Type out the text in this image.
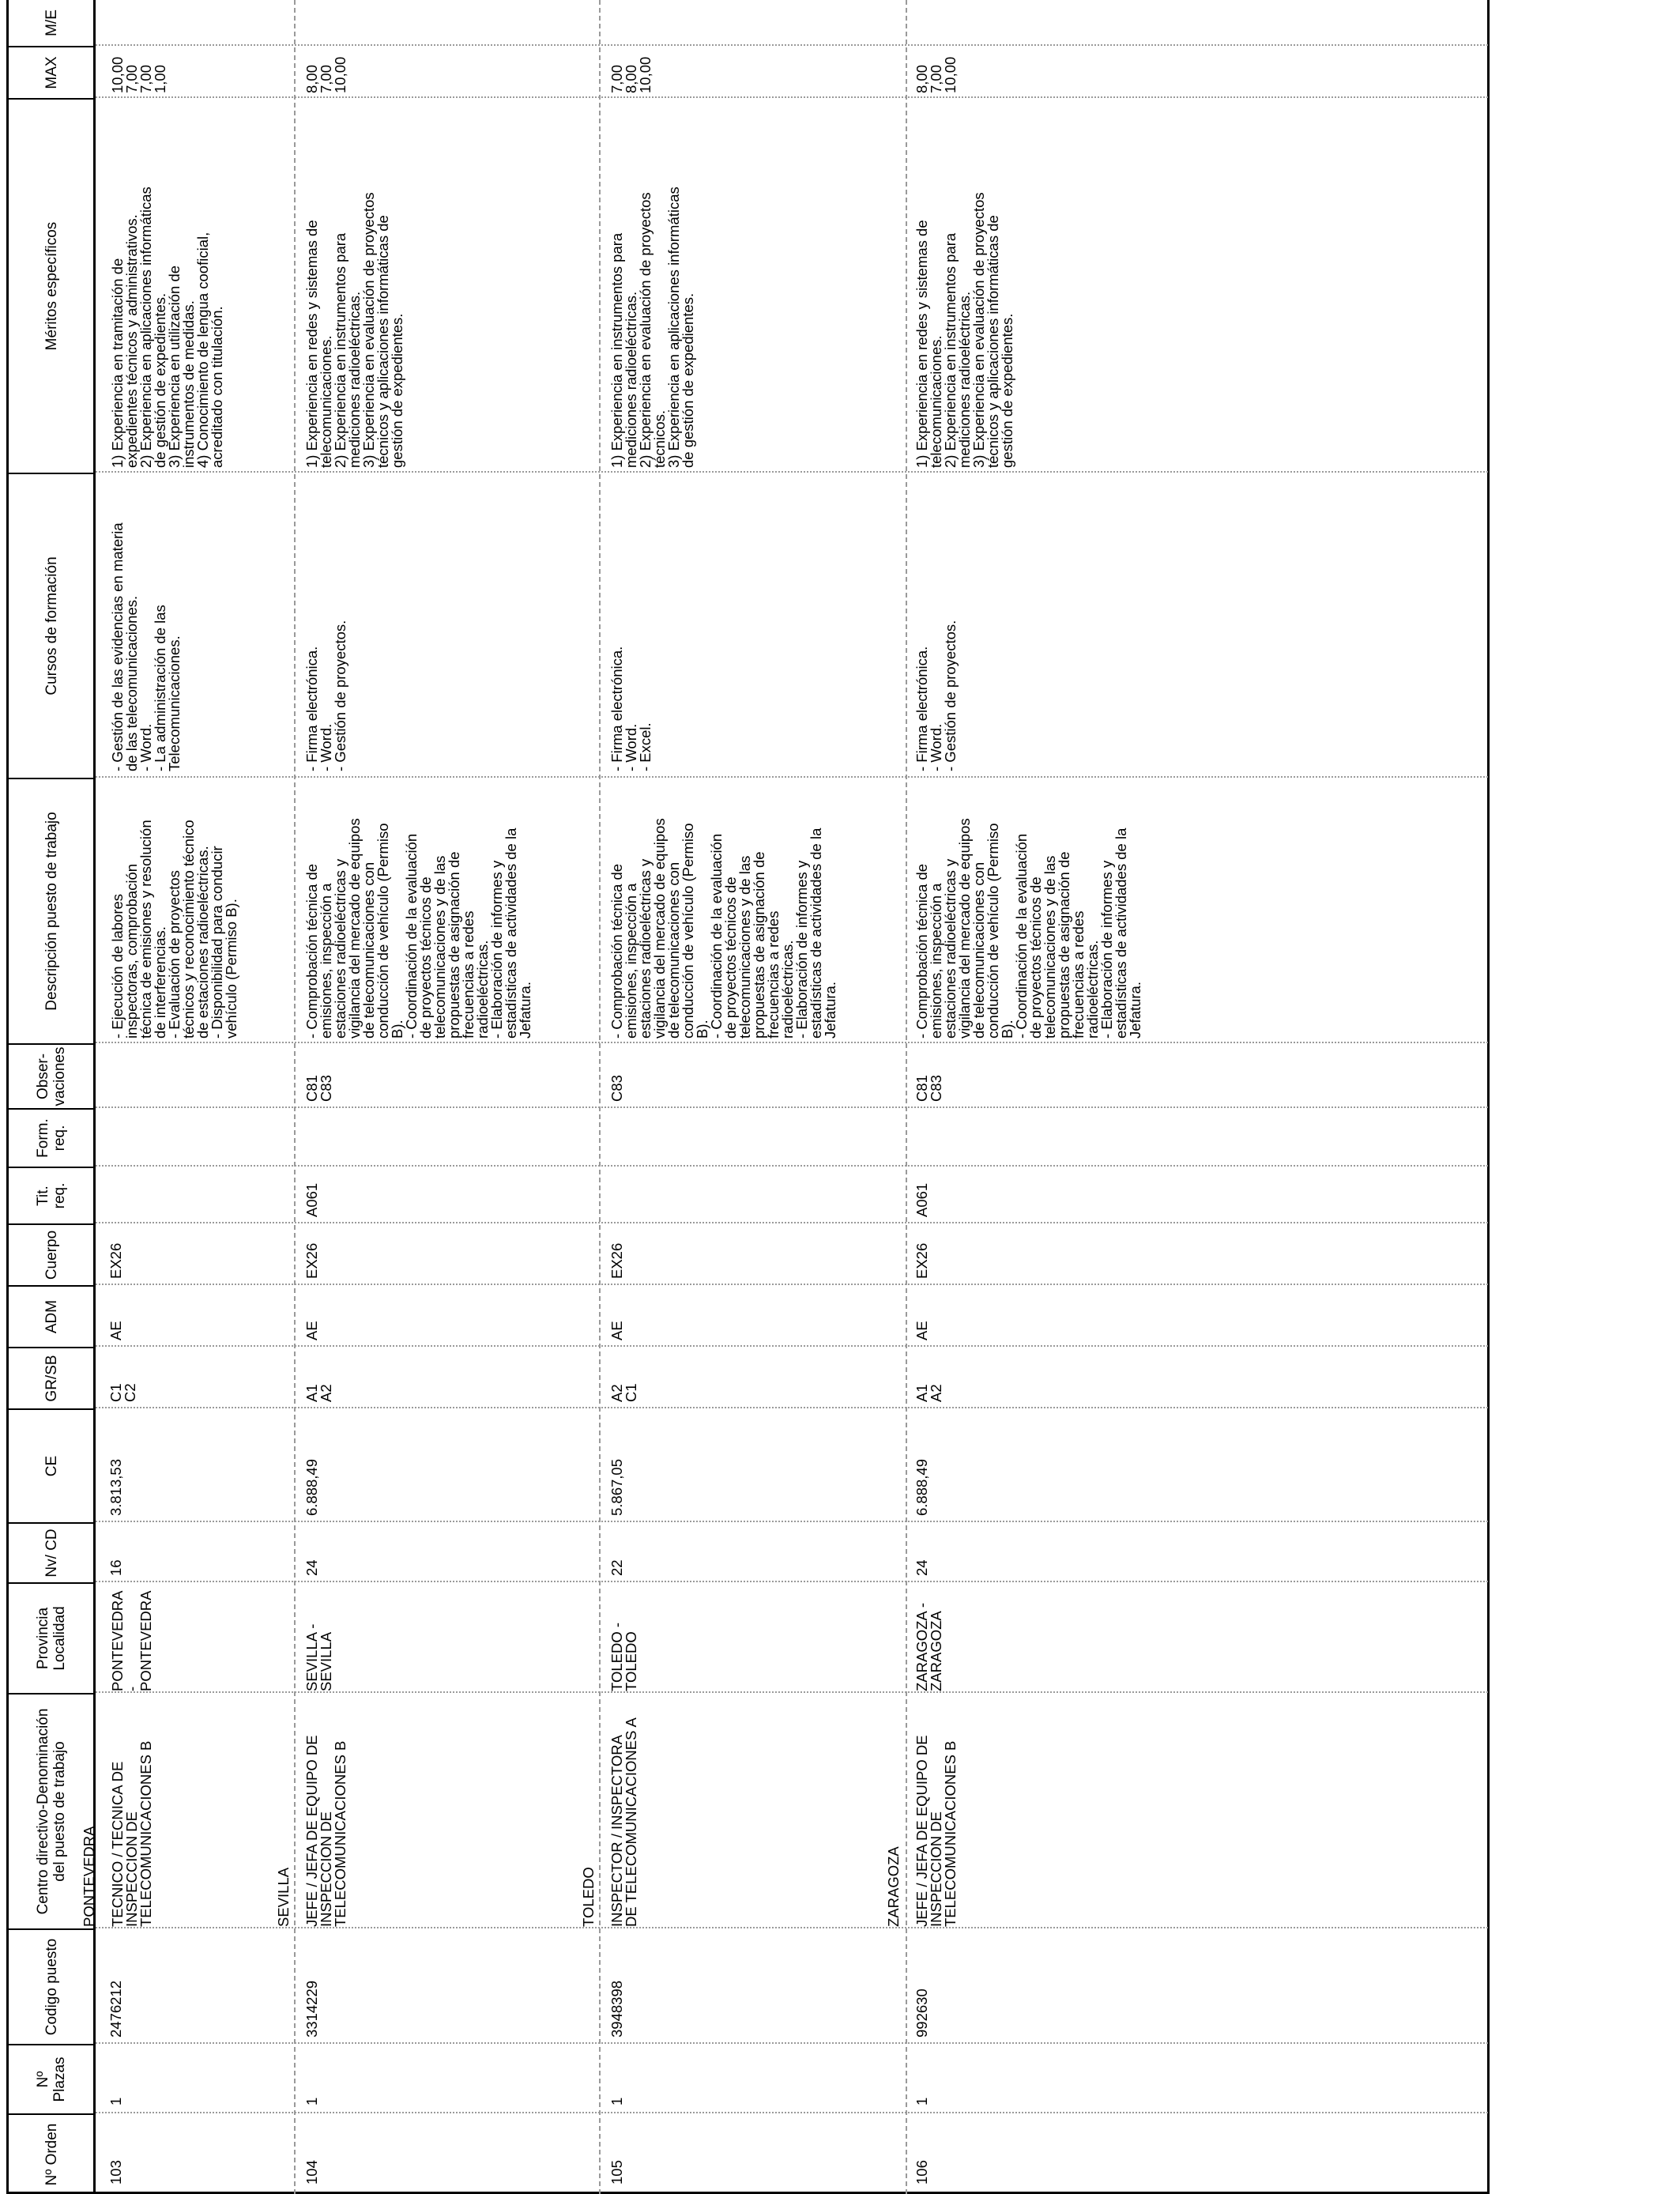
Nº Orden
Nº Plazas
Codigo puesto
Centro directivo-Denominación del puesto de trabajo
Provincia Localidad
Nv/ CD
CE
GR/SB
ADM
Cuerpo
Tit. req.
Form. req.
Obser-vaciones
Descripción puesto de trabajo
Cursos de formación
Méritos específicos
MAX
M/E
103
1
2476212
PONTEVEDRA TECNICO / TECNICA DE
INSPECCION DE
TELECOMUNICACIONES B
PONTEVEDRA
-
PONTEVEDRA
16
3.813,53
C1
C2
AE
EX26
- Ejecución de labores
inspectoras, comprobación
técnica de emisiones y resolución
de interferencias.
- Evaluación de proyectos
técnicos y reconocimiento técnico
de estaciones radioeléctricas.
- Disponibilidad para conducir
vehículo (Permiso B).
- Gestión de las evidencias en materia
de las telecomunicaciones.
- Word.
- La administración de las
Telecomunicaciones.
1) Experiencia en tramitación de
expedientes técnicos y administrativos.
2) Experiencia en aplicaciones informáticas
de gestión de expedientes.
3) Experiencia en utilización de
instrumentos de medidas.
4) Conocimiento de lengua cooficial,
acreditado con titulación.
10,00
7,00
7,00
1,00
104
1
3314229
SEVILLA JEFE / JEFA DE EQUIPO DE
INSPECCION DE
TELECOMUNICACIONES B
SEVILLA -
SEVILLA
24
6.888,49
A1
A2
AE
EX26
A061
C81
C83
- Comprobación técnica de
emisiones, inspección a
estaciones radioeléctricas y
vigilancia del mercado de equipos
de telecomunicaciones con
conducción de vehículo (Permiso
B).
- Coordinación de la evaluación
de proyectos técnicos de
telecomunicaciones y de las
propuestas de asignación de
frecuencias a redes
radioeléctricas.
- Elaboración de informes y
estadísticas de actividades de la
Jefatura.
- Firma electrónica.
- Word.
- Gestión de proyectos.
1) Experiencia en redes y sistemas de
telecomunicaciones.
2) Experiencia en instrumentos para
mediciones radioeléctricas.
3) Experiencia en evaluación de proyectos
técnicos y aplicaciones informáticas de
gestión de expedientes.
8,00
7,00
10,00
105
1
3948398
TOLEDO INSPECTOR / INSPECTORA
DE TELECOMUNICACIONES A
TOLEDO -
TOLEDO
22
5.867,05
A2
C1
AE
EX26
C83
- Comprobación técnica de
emisiones, inspección a
estaciones radioeléctricas y
vigilancia del mercado de equipos
de telecomunicaciones con
conducción de vehículo (Permiso
B).
- Coordinación de la evaluación
de proyectos técnicos de
telecomunicaciones y de las
propuestas de asignación de
frecuencias a redes
radioeléctricas.
- Elaboración de informes y
estadísticas de actividades de la
Jefatura.
- Firma electrónica.
- Word.
- Excel.
1) Experiencia en instrumentos para
mediciones radioeléctricas.
2) Experiencia en evaluación de proyectos
técnicos.
3) Experiencia en aplicaciones informáticas
de gestión de expedientes.
7,00
8,00
10,00
106
1
992630
ZARAGOZA JEFE / JEFA DE EQUIPO DE
INSPECCION DE
TELECOMUNICACIONES B
ZARAGOZA -
ZARAGOZA
24
6.888,49
A1
A2
AE
EX26
A061
C81
C83
- Comprobación técnica de
emisiones, inspección a
estaciones radioeléctricas y
vigilancia del mercado de equipos
de telecomunicaciones con
conducción de vehículo (Permiso
B).
- Coordinación de la evaluación
de proyectos técnicos de
telecomunicaciones y de las
propuestas de asignación de
frecuencias a redes
radioeléctricas.
- Elaboración de informes y
estadísticas de actividades de la
Jefatura.
- Firma electrónica.
- Word.
- Gestión de proyectos.
1) Experiencia en redes y sistemas de
telecomunicaciones.
2) Experiencia en instrumentos para
mediciones radioeléctricas.
3) Experiencia en evaluación de proyectos
técnicos y aplicaciones informáticas de
gestión de expedientes.
8,00
7,00
10,00
